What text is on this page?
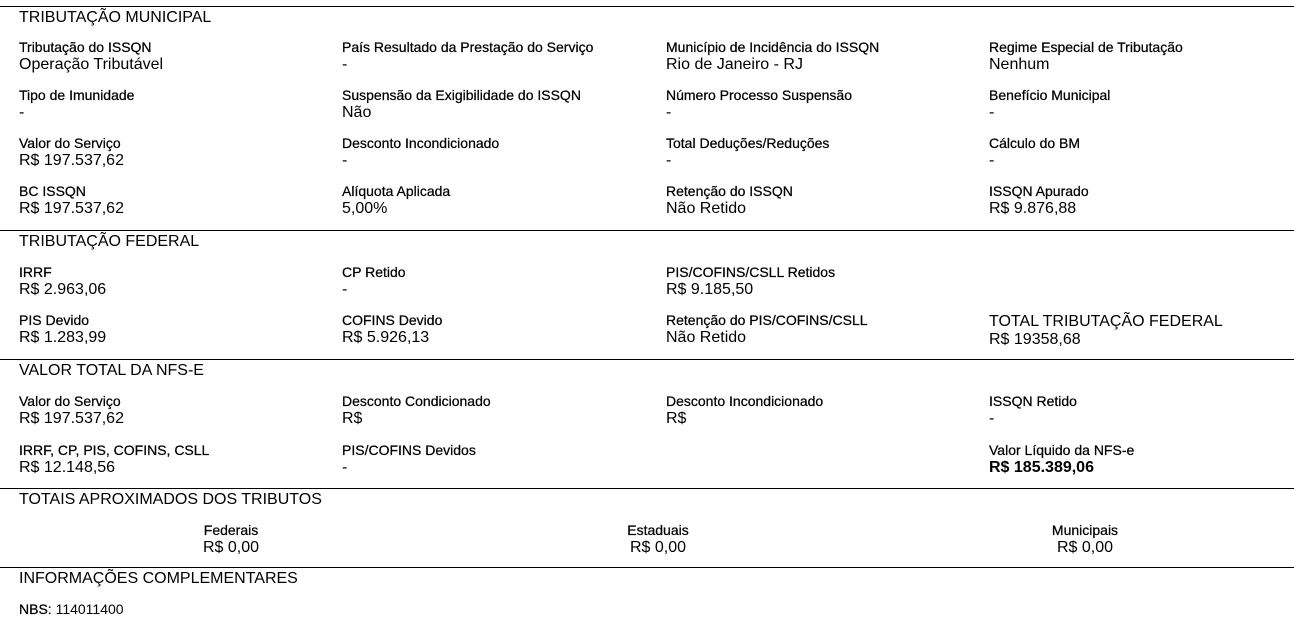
TRIBUTAÇÃO MUNICIPAL
Tributação do ISSQN
Operação Tributável
País Resultado da Prestação do Serviço
-
Município de Incidência do ISSQN
Rio de Janeiro - RJ
Regime Especial de Tributação
Nenhum
Tipo de Imunidade
-
Suspensão da Exigibilidade do ISSQN
Não
Número Processo Suspensão
-
Benefício Municipal
-
Valor do Serviço
R$ 197.537,62
Desconto Incondicionado
-
Total Deduções/Reduções
-
Cálculo do BM
-
BC ISSQN
R$ 197.537,62
Alíquota Aplicada
5,00%
Retenção do ISSQN
Não Retido
ISSQN Apurado
R$ 9.876,88
TRIBUTAÇÃO FEDERAL
IRRF
R$ 2.963,06
CP Retido
-
PIS/COFINS/CSLL Retidos
R$ 9.185,50
PIS Devido
R$ 1.283,99
COFINS Devido
R$ 5.926,13
Retenção do PIS/COFINS/CSLL
Não Retido
TOTAL TRIBUTAÇÃO FEDERAL
R$ 19358,68
VALOR TOTAL DA NFS-E
Valor do Serviço
R$ 197.537,62
Desconto Condicionado
R$
Desconto Incondicionado
R$
ISSQN Retido
-
IRRF, CP, PIS, COFINS, CSLL
R$ 12.148,56
PIS/COFINS Devidos
-
Valor Líquido da NFS-e
R$ 185.389,06
TOTAIS APROXIMADOS DOS TRIBUTOS
Federais
R$ 0,00
Estaduais
R$ 0,00
Municipais
R$ 0,00
INFORMAÇÕES COMPLEMENTARES
NBS: 114011400
